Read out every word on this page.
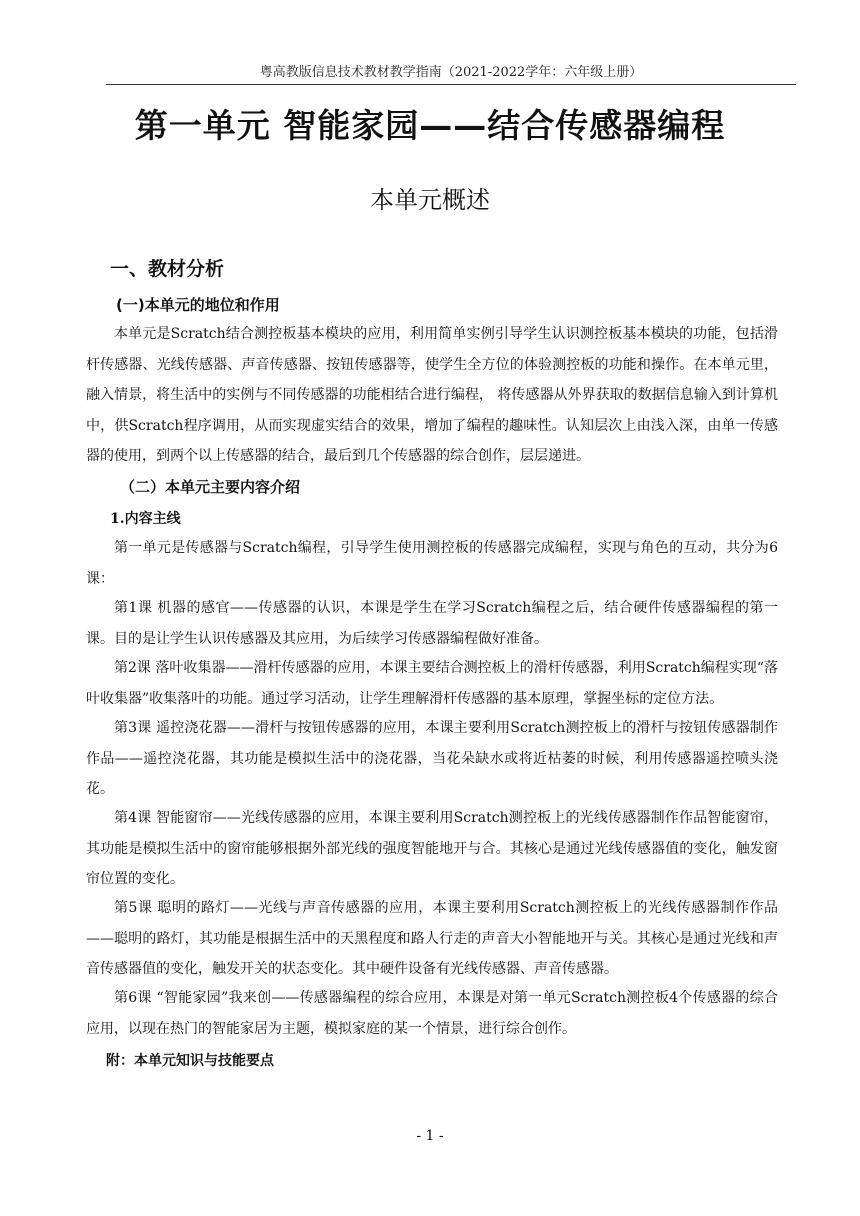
粤高教版信息技术教材教学指南（2021-2022学年：六年级上册）
第一单元 智能家园——结合传感器编程
本单元概述
一、教材分析
(一)本单元的地位和作用

本单元是Scratch结合测控板基本模块的应用，利用简单实例引导学生认识测控板基本模块的功能，包括滑杆传感器、光线传感器、声音传感器、按钮传感器等，使学生全方位的体验测控板的功能和操作。在本单元里，融入情景，将生活中的实例与不同传感器的功能相结合进行编程， 将传感器从外界获取的数据信息输入到计算机中，供Scratch程序调用，从而实现虚实结合的效果，增加了编程的趣味性。认知层次上由浅入深，由单一传感器的使用，到两个以上传感器的结合，最后到几个传感器的综合创作，层层递进。

（二）本单元主要内容介绍
1.内容主线

第一单元是传感器与Scratch编程，引导学生使用测控板的传感器完成编程，实现与角色的互动，共分为6课：

第1课 机器的感官——传感器的认识，本课是学生在学习Scratch编程之后，结合硬件传感器编程的第一课。目的是让学生认识传感器及其应用，为后续学习传感器编程做好准备。

第2课 落叶收集器——滑杆传感器的应用，本课主要结合测控板上的滑杆传感器，利用Scratch编程实现“落叶收集器”收集落叶的功能。通过学习活动，让学生理解滑杆传感器的基本原理，掌握坐标的定位方法。

第3课 遥控浇花器——滑杆与按钮传感器的应用，本课主要利用Scratch测控板上的滑杆与按钮传感器制作作品——遥控浇花器，其功能是模拟生活中的浇花器，当花朵缺水或将近枯萎的时候，利用传感器遥控喷头浇花。

第4课 智能窗帘——光线传感器的应用，本课主要利用Scratch测控板上的光线传感器制作作品智能窗帘，其功能是模拟生活中的窗帘能够根据外部光线的强度智能地开与合。其核心是通过光线传感器值的变化，触发窗帘位置的变化。

第5课 聪明的路灯——光线与声音传感器的应用，本课主要利用Scratch测控板上的光线传感器制作作品——聪明的路灯，其功能是根据生活中的天黑程度和路人行走的声音大小智能地开与关。其核心是通过光线和声音传感器值的变化，触发开关的状态变化。其中硬件设备有光线传感器、声音传感器。

第6课 “智能家园”我来创——传感器编程的综合应用，本课是对第一单元Scratch测控板4个传感器的综合应用，以现在热门的智能家居为主题，模拟家庭的某一个情景，进行综合创作。

附：本单元知识与技能要点
- 1 -
